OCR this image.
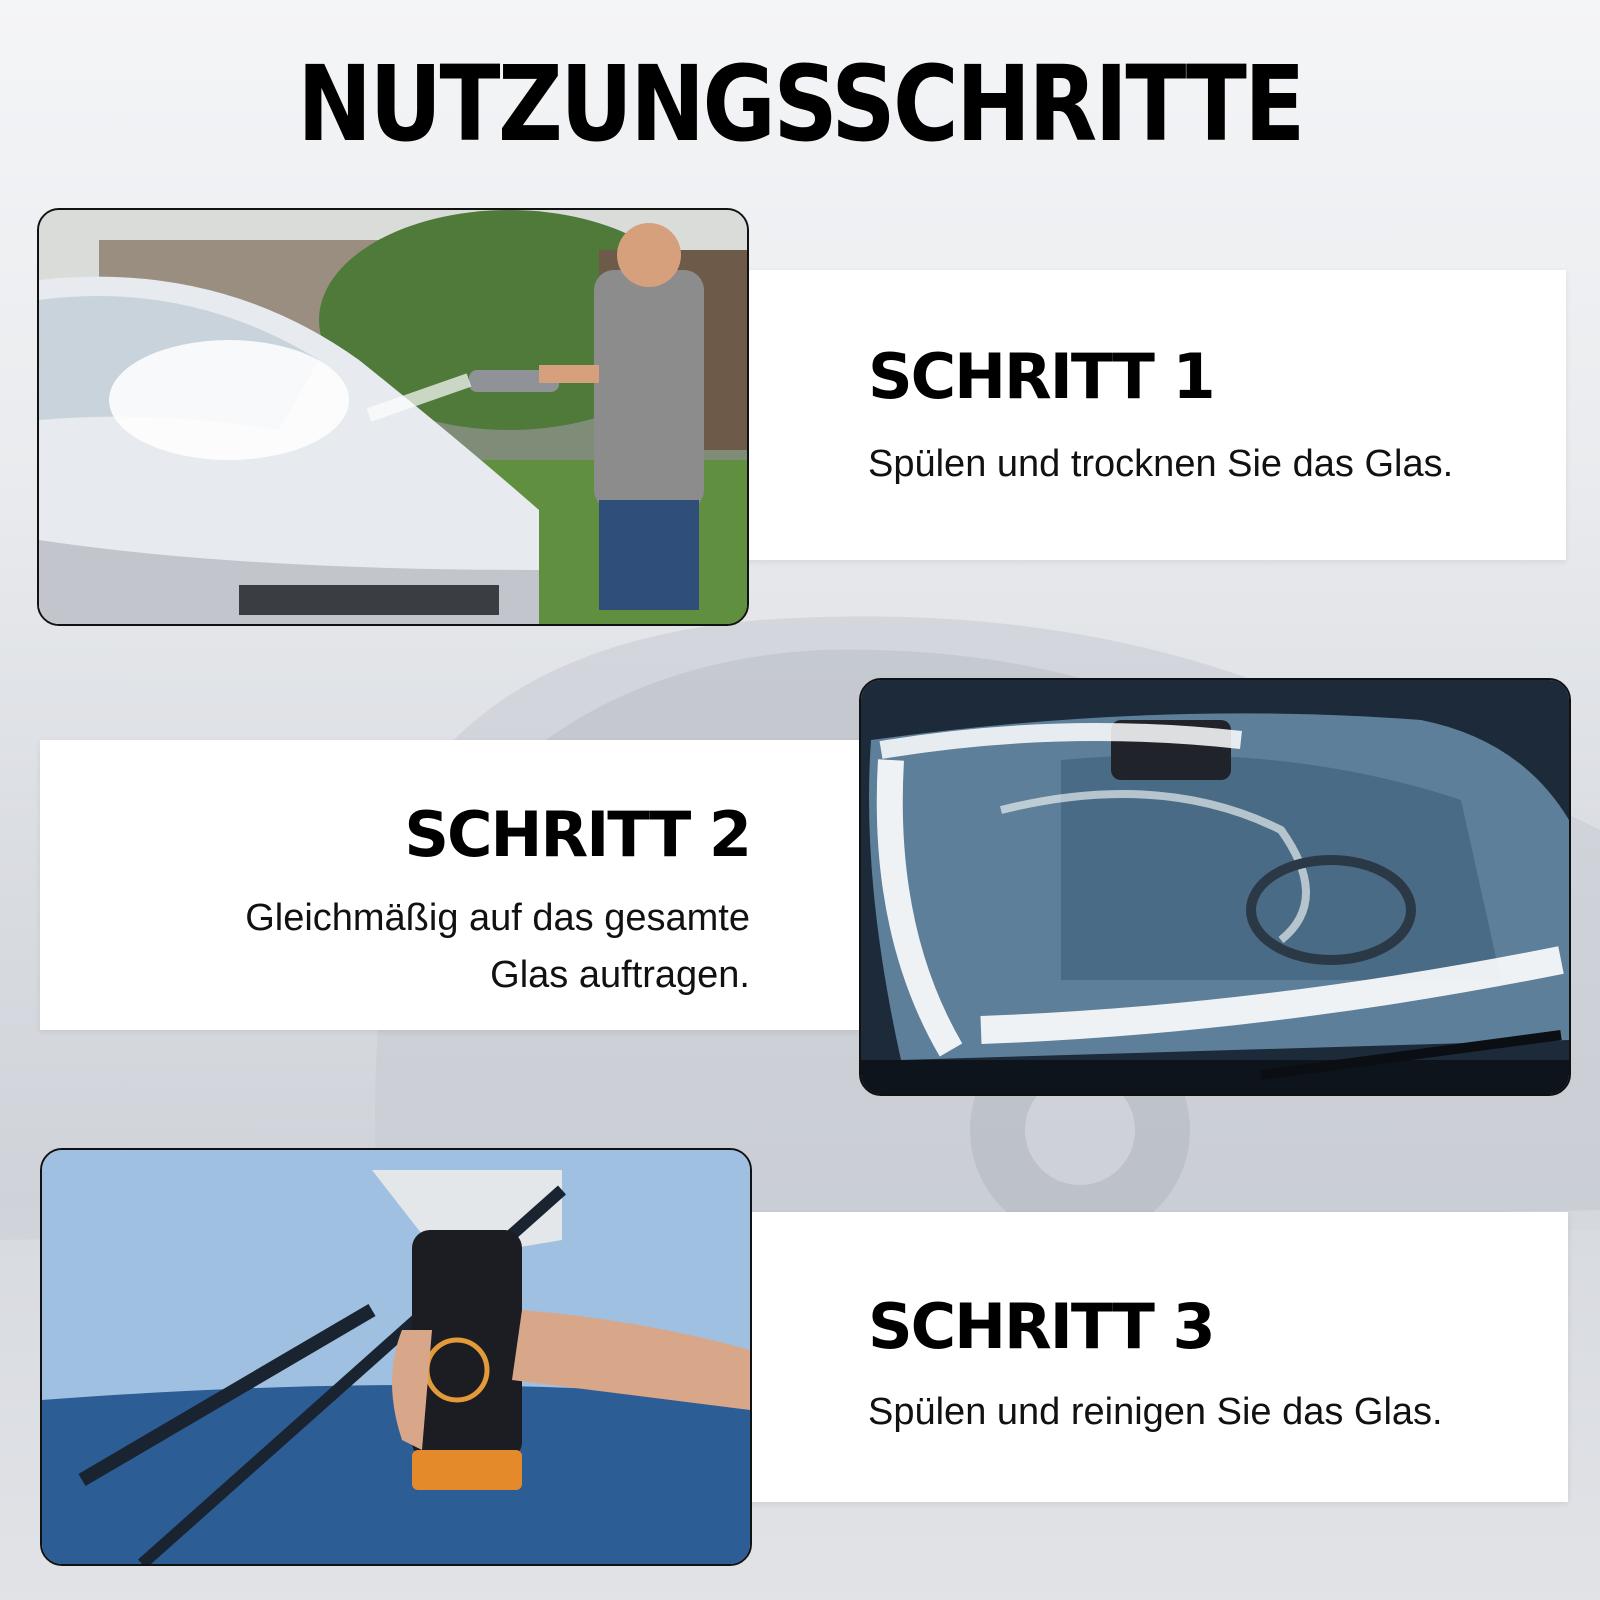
NUTZUNGSSCHRITTE
SCHRITT 1

Spülen und trocknen Sie das Glas.

SCHRITT 2

Gleichmäßig auf das gesamte

Glas auftragen.

SCHRITT 3

Spülen und reinigen Sie das Glas.
